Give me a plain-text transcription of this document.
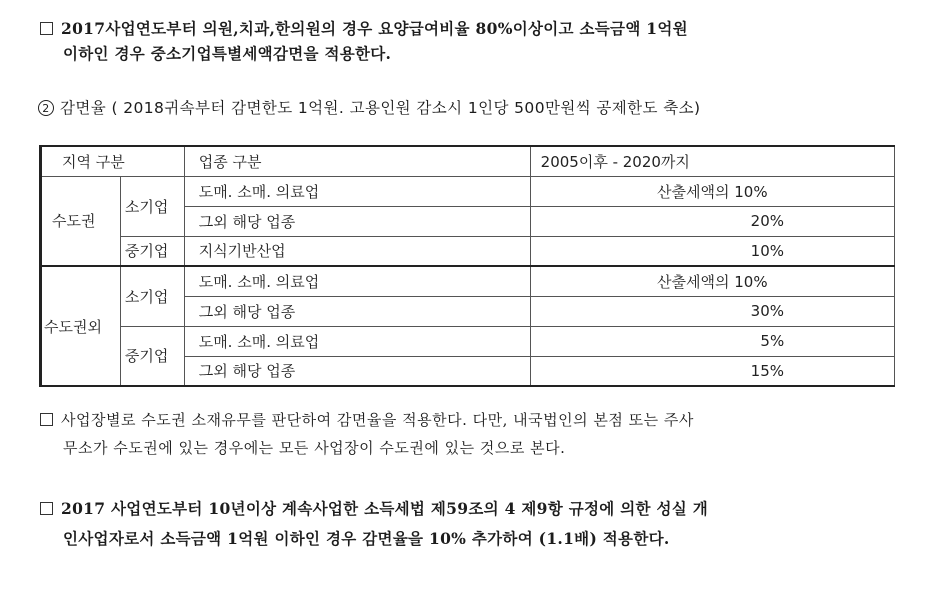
2017사업연도부터 의원,치과,한의원의 경우 요양급여비율 80%이상이고 소득금액 1억원
이하인 경우 중소기업특별세액감면을 적용한다.
2 감면율 ( 2018귀속부터 감면한도 1억원. 고용인원 감소시 1인당 500만원씩 공제한도 축소)
지역 구분		업종 구분	2005이후 - 2020까지
수도권	소기업	도매. 소매. 의료업	산출세액의 10%
		그외 해당 업종	20%
	중기업	지식기반산업	10%
수도권외	소기업	도매. 소매. 의료업	산출세액의 10%
		그외 해당 업종	30%
	중기업	도매. 소매. 의료업	5%
		그외 해당 업종	15%
사업장별로 수도권 소재유무를 판단하여 감면율을 적용한다. 다만, 내국법인의 본점 또는 주사
무소가 수도권에 있는 경우에는 모든 사업장이 수도권에 있는 것으로 본다.
2017 사업연도부터 10년이상 계속사업한 소득세법 제59조의 4 제9항 규정에 의한 성실 개
인사업자로서 소득금액 1억원 이하인 경우 감면율을 10% 추가하여 (1.1배) 적용한다.
